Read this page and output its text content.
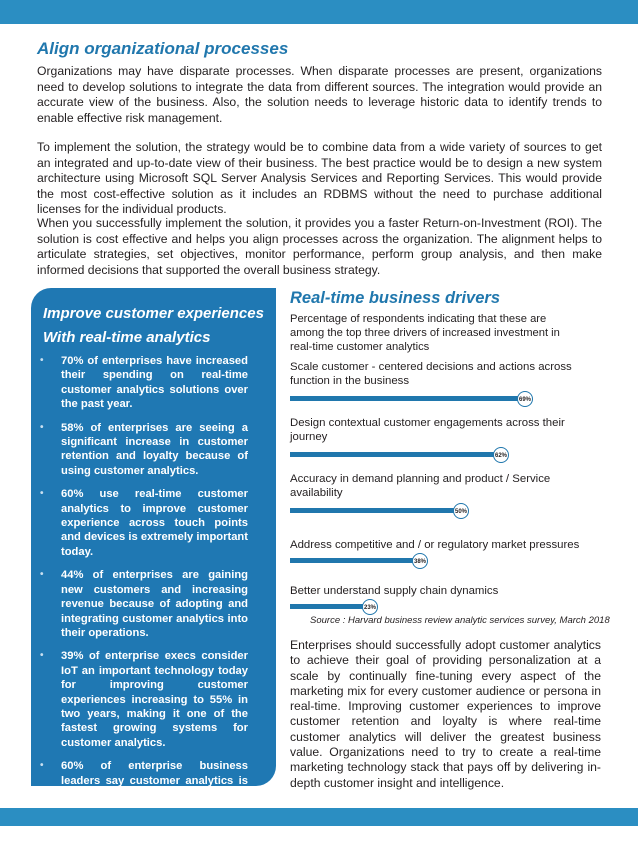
Align organizational processes

Organizations may have disparate processes. When disparate processes are present, organizations need to develop solutions to integrate the data from different sources. The integration would provide an accurate view of the business. Also, the solution needs to leverage historic data to identify trends to enable effective risk management.

To implement the solution, the strategy would be to combine data from a wide variety of sources to get an integrated and up-to-date view of their business. The best practice would be to design a new system architecture using Microsoft SQL Server Analysis Services and Reporting Services. This would provide the most cost-effective solution as it includes an RDBMS without the need to purchase additional licenses for the individual products.

When you successfully implement the solution, it provides you a faster Return-on-Investment (ROI). The solution is cost effective and helps you align processes across the organization. The alignment helps to articulate strategies, set objectives, monitor performance, perform group analysis, and then make informed decisions that supported the overall business strategy.

Improve customer experiences
With real-time analytics
• 70% of enterprises have increased their spending on real-time customer analytics solutions over the past year.
• 58% of enterprises are seeing a significant increase in customer retention and loyalty because of using customer analytics.
• 60% use real-time customer analytics to improve customer experience across touch points and devices is extremely important today.
• 44% of enterprises are gaining new customers and increasing revenue because of adopting and integrating customer analytics into their operations.
• 39% of enterprise execs consider IoT an important technology today for improving customer experiences increasing to 55% in two years, making it one of the fastest growing systems for customer analytics.
• 60% of enterprise business leaders say customer analytics is extremely important today, scale.
Real-time business drivers

Percentage of respondents indicating that these are among the top three drivers of increased investment in real-time customer analytics

Scale customer - centered decisions and actions across function in the business

69%

Design contextual customer engagements across their journey

62%

Accuracy in demand planning and product / Service availability

50%

Address competitive and / or regulatory market pressures

38%

Better understand supply chain dynamics

23%

Source : Harvard business review analytic services survey, March 2018

Enterprises should successfully adopt customer analytics to achieve their goal of providing personalization at a scale by continually fine-tuning every aspect of the marketing mix for every customer audience or persona in real-time. Improving customer experiences to improve customer retention and loyalty is where real-time customer analytics will deliver the greatest business value. Organizations need to try to create a real-time marketing technology stack that pays off by delivering in-depth customer insight and intelligence.
